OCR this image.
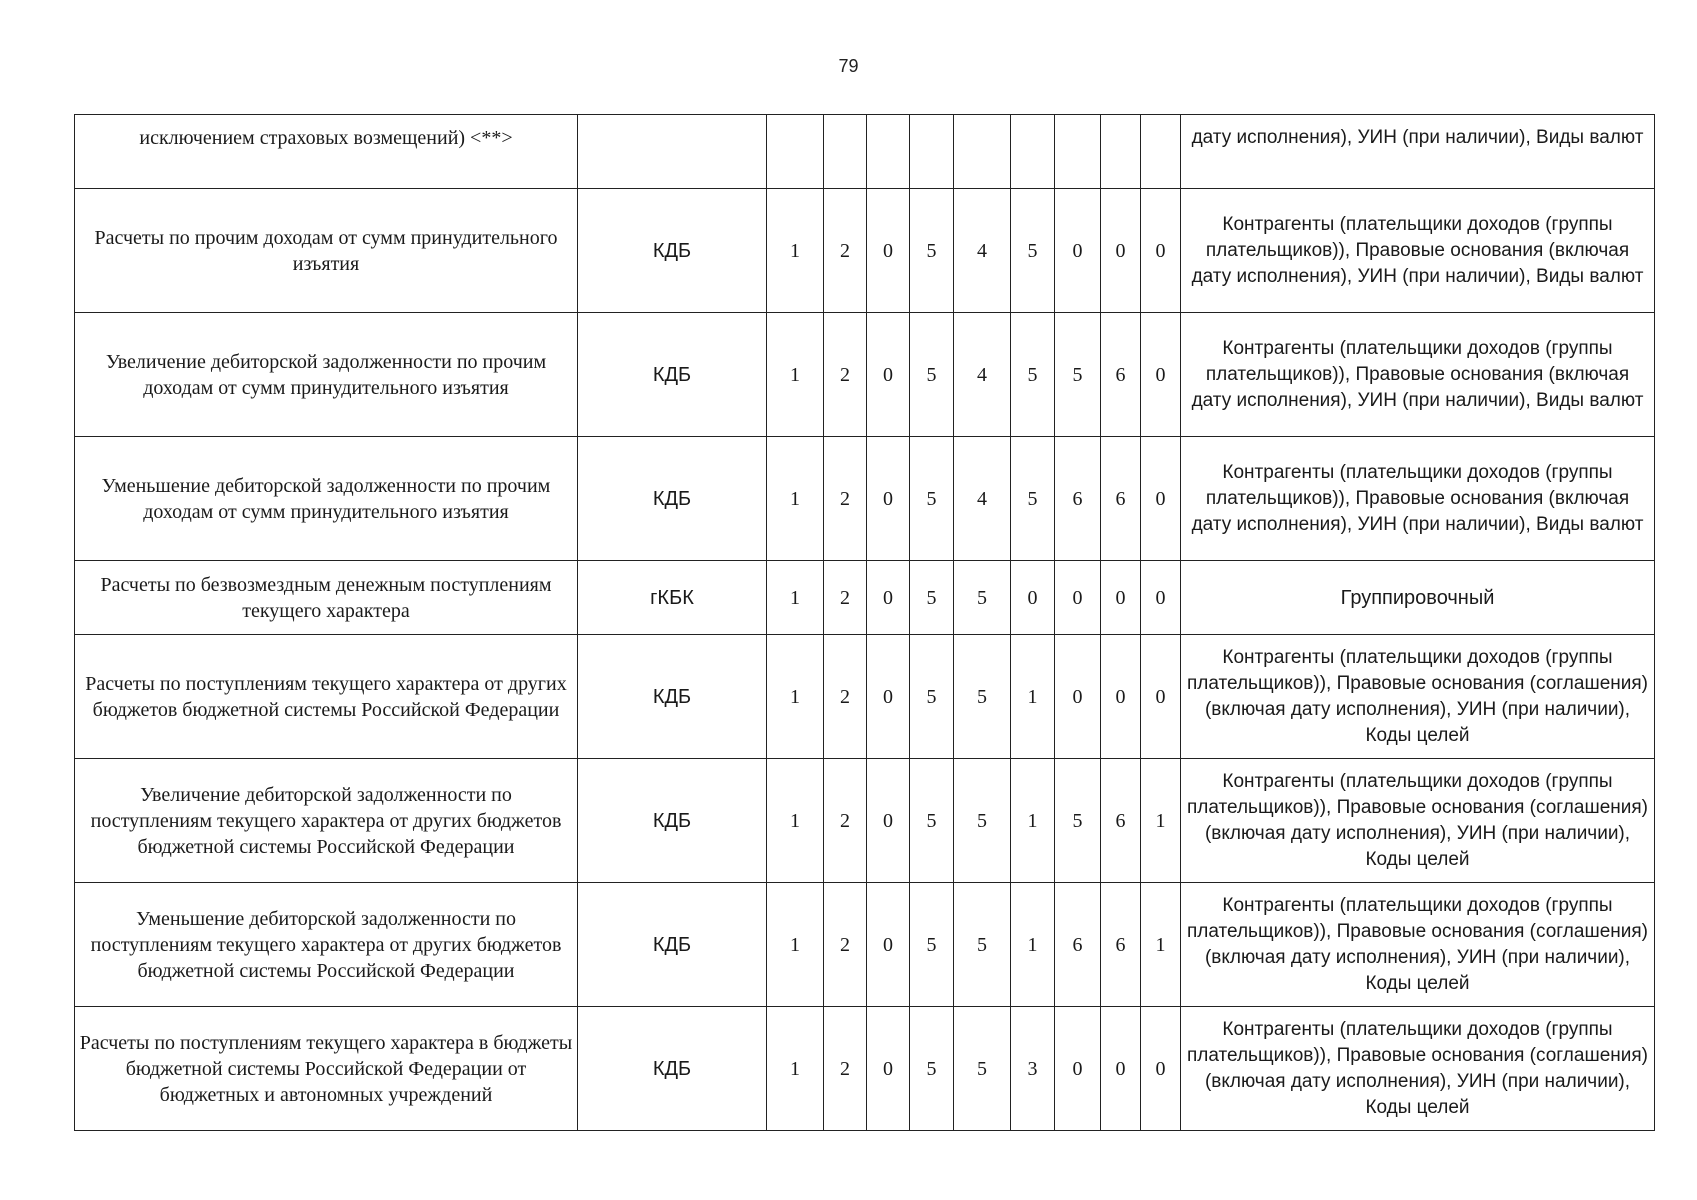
79
исключением страховых возмещений) <**>											дату исполнения), УИН (при наличии), Виды валют
Расчеты по прочим доходам от сумм принудительного изъятия	КДБ	1	2	0	5	4	5	0	0	0	Контрагенты (плательщики доходов (группы плательщиков)), Правовые основания (включая дату исполнения), УИН (при наличии), Виды валют
Увеличение дебиторской задолженности по прочим доходам от сумм принудительного изъятия	КДБ	1	2	0	5	4	5	5	6	0	Контрагенты (плательщики доходов (группы плательщиков)), Правовые основания (включая дату исполнения), УИН (при наличии), Виды валют
Уменьшение дебиторской задолженности по прочим доходам от сумм принудительного изъятия	КДБ	1	2	0	5	4	5	6	6	0	Контрагенты (плательщики доходов (группы плательщиков)), Правовые основания (включая дату исполнения), УИН (при наличии), Виды валют
Расчеты по безвозмездным денежным поступлениям текущего характера	гКБК	1	2	0	5	5	0	0	0	0	Группировочный
Расчеты по поступлениям текущего характера от других бюджетов бюджетной системы Российской Федерации	КДБ	1	2	0	5	5	1	0	0	0	Контрагенты (плательщики доходов (группы плательщиков)), Правовые основания (соглашения) (включая дату исполнения), УИН (при наличии), Коды целей
Увеличение дебиторской задолженности по поступлениям текущего характера от других бюджетов бюджетной системы Российской Федерации	КДБ	1	2	0	5	5	1	5	6	1	Контрагенты (плательщики доходов (группы плательщиков)), Правовые основания (соглашения) (включая дату исполнения), УИН (при наличии), Коды целей
Уменьшение дебиторской задолженности по поступлениям текущего характера от других бюджетов бюджетной системы Российской Федерации	КДБ	1	2	0	5	5	1	6	6	1	Контрагенты (плательщики доходов (группы плательщиков)), Правовые основания (соглашения) (включая дату исполнения), УИН (при наличии), Коды целей
Расчеты по поступлениям текущего характера в бюджеты бюджетной системы Российской Федерации от бюджетных и автономных учреждений	КДБ	1	2	0	5	5	3	0	0	0	Контрагенты (плательщики доходов (группы плательщиков)), Правовые основания (соглашения) (включая дату исполнения), УИН (при наличии), Коды целей
